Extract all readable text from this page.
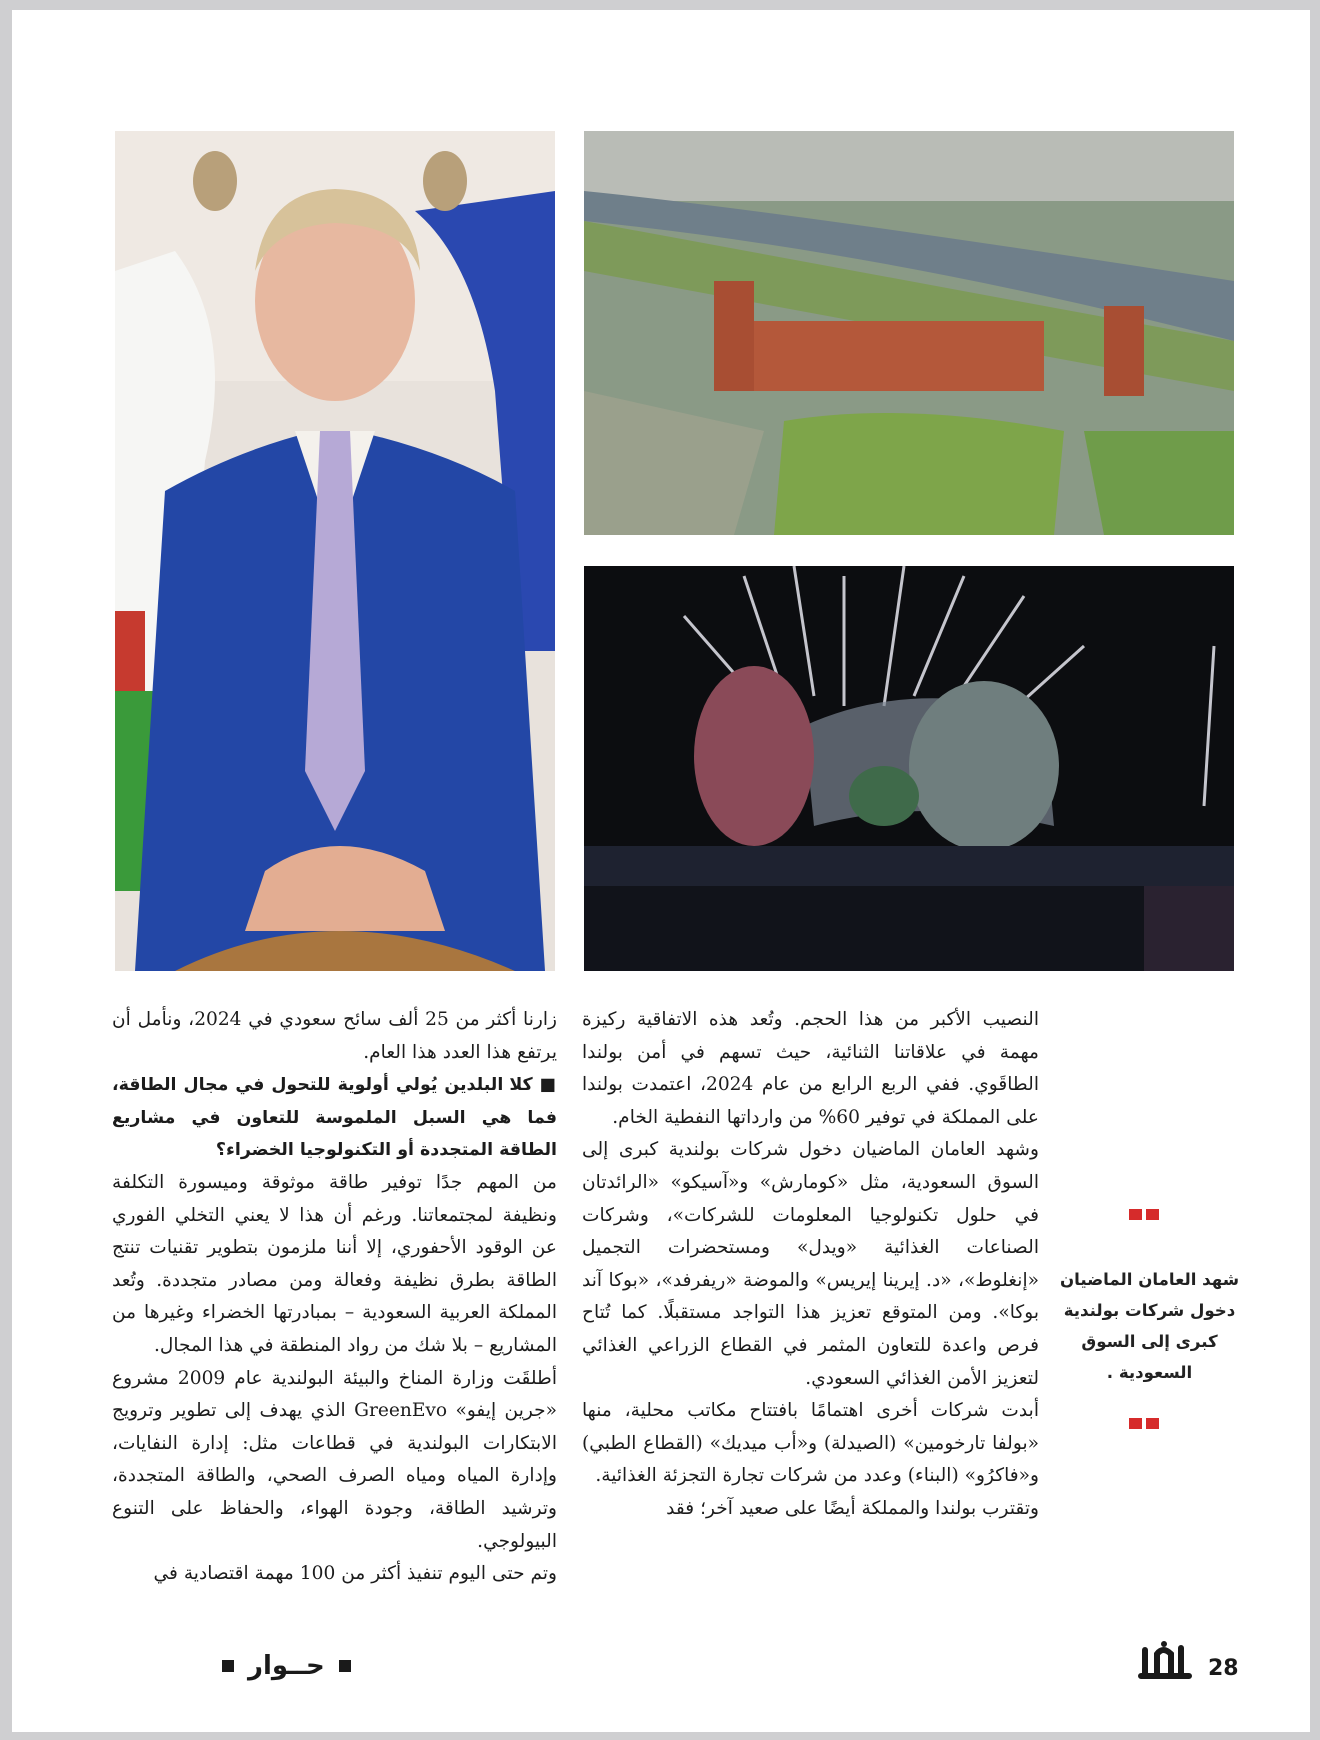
زارنا أكثر من 25 ألف سائح سعودي في 2024، ونأمل أن يرتفع هذا العدد هذا العام.

■ كلا البلدين يُولي أولوية للتحول في مجال الطاقة، فما هي السبل الملموسة للتعاون في مشاريع الطاقة المتجددة أو التكنولوجيا الخضراء؟

من المهم جدًا توفير طاقة موثوقة وميسورة التكلفة ونظيفة لمجتمعاتنا. ورغم أن هذا لا يعني التخلي الفوري عن الوقود الأحفوري، إلا أننا ملزمون بتطوير تقنيات تنتج الطاقة بطرق نظيفة وفعالة ومن مصادر متجددة. وتُعد المملكة العربية السعودية – بمبادرتها الخضراء وغيرها من المشاريع – بلا شك من رواد المنطقة في هذا المجال.

أطلقَت وزارة المناخ والبيئة البولندية عام 2009 مشروع «جرين إيفو» GreenEvo الذي يهدف إلى تطوير وترويج الابتكارات البولندية في قطاعات مثل: إدارة النفايات، وإدارة المياه ومياه الصرف الصحي، والطاقة المتجددة، وترشيد الطاقة، وجودة الهواء، والحفاظ على التنوع البيولوجي.

وتم حتى اليوم تنفيذ أكثر من 100 مهمة اقتصادية في

النصيب الأكبر من هذا الحجم. وتُعد هذه الاتفاقية ركيزة مهمة في علاقاتنا الثنائية، حيث تسهم في أمن بولندا الطاقَوي. ففي الربع الرابع من عام 2024، اعتمدت بولندا على المملكة في توفير 60% من وارداتها النفطية الخام.

وشهد العامان الماضيان دخول شركات بولندية كبرى إلى السوق السعودية، مثل «كومارش» و«آسيكو» «الرائدتان في حلول تكنولوجيا المعلومات للشركات»، وشركات الصناعات الغذائية «ويدل» ومستحضرات التجميل «إنغلوط»، «د. إيرينا إيريس» والموضة «ريفرفد»، «بوكا آند بوكا». ومن المتوقع تعزيز هذا التواجد مستقبلًا. كما تُتاح فرص واعدة للتعاون المثمر في القطاع الزراعي الغذائي لتعزيز الأمن الغذائي السعودي.

أبدت شركات أخرى اهتمامًا بافتتاح مكاتب محلية، منها «بولفا تارخومين» (الصيدلة) و«أب ميديك» (القطاع الطبي) و«فاكرُو» (البناء) وعدد من شركات تجارة التجزئة الغذائية.

وتقترب بولندا والمملكة أيضًا على صعيد آخر؛ فقد

شهد العامان الماضيان دخول شركات بولندية كبرى إلى السوق السعودية .
حــوار	28
